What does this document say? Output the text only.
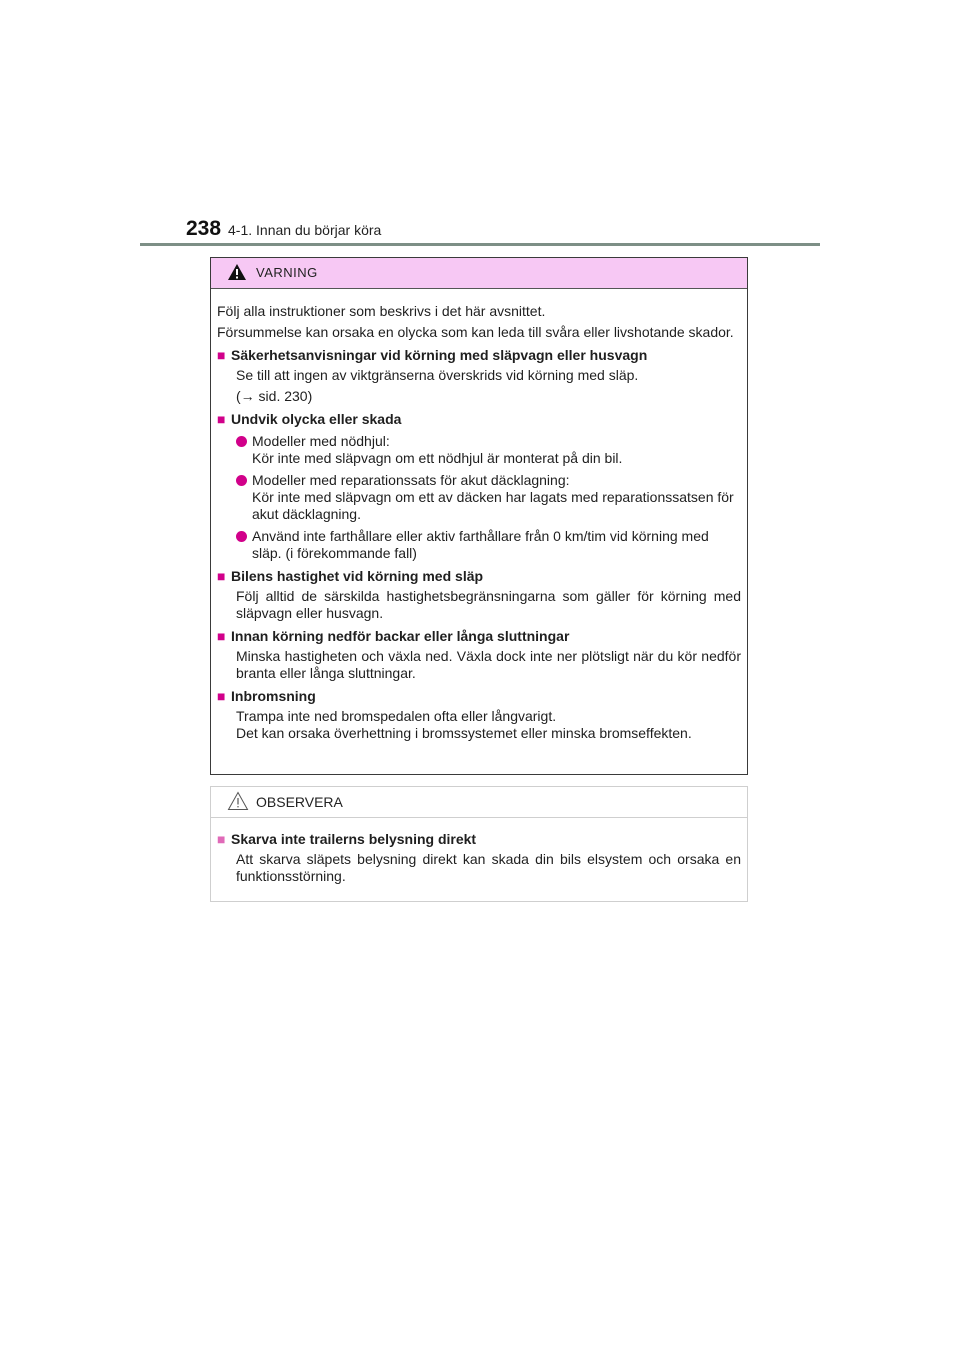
238 4-1. Innan du börjar köra
VARNING
Följ alla instruktioner som beskrivs i det här avsnittet.
Försummelse kan orsaka en olycka som kan leda till svåra eller livshotande skador.
■ Säkerhetsanvisningar vid körning med släpvagn eller husvagn
Se till att ingen av viktgränserna överskrids vid körning med släp.
(→ sid. 230)
■ Undvik olycka eller skada
Modeller med nödhjul:
Kör inte med släpvagn om ett nödhjul är monterat på din bil.
Modeller med reparationssats för akut däcklagning:
Kör inte med släpvagn om ett av däcken har lagats med reparationssatsen för akut däcklagning.
Använd inte farthållare eller aktiv farthållare från 0 km/tim vid körning med släp. (i förekommande fall)
■ Bilens hastighet vid körning med släp
Följ alltid de särskilda hastighetsbegränsningarna som gäller för körning med släpvagn eller husvagn.
■ Innan körning nedför backar eller långa sluttningar
Minska hastigheten och växla ned. Växla dock inte ner plötsligt när du kör nedför branta eller långa sluttningar.
■ Inbromsning
Trampa inte ned bromspedalen ofta eller långvarigt.
Det kan orsaka överhettning i bromssystemet eller minska bromseffekten.
OBSERVERA
■ Skarva inte trailerns belysning direkt
Att skarva släpets belysning direkt kan skada din bils elsystem och orsaka en funktionsstörning.
